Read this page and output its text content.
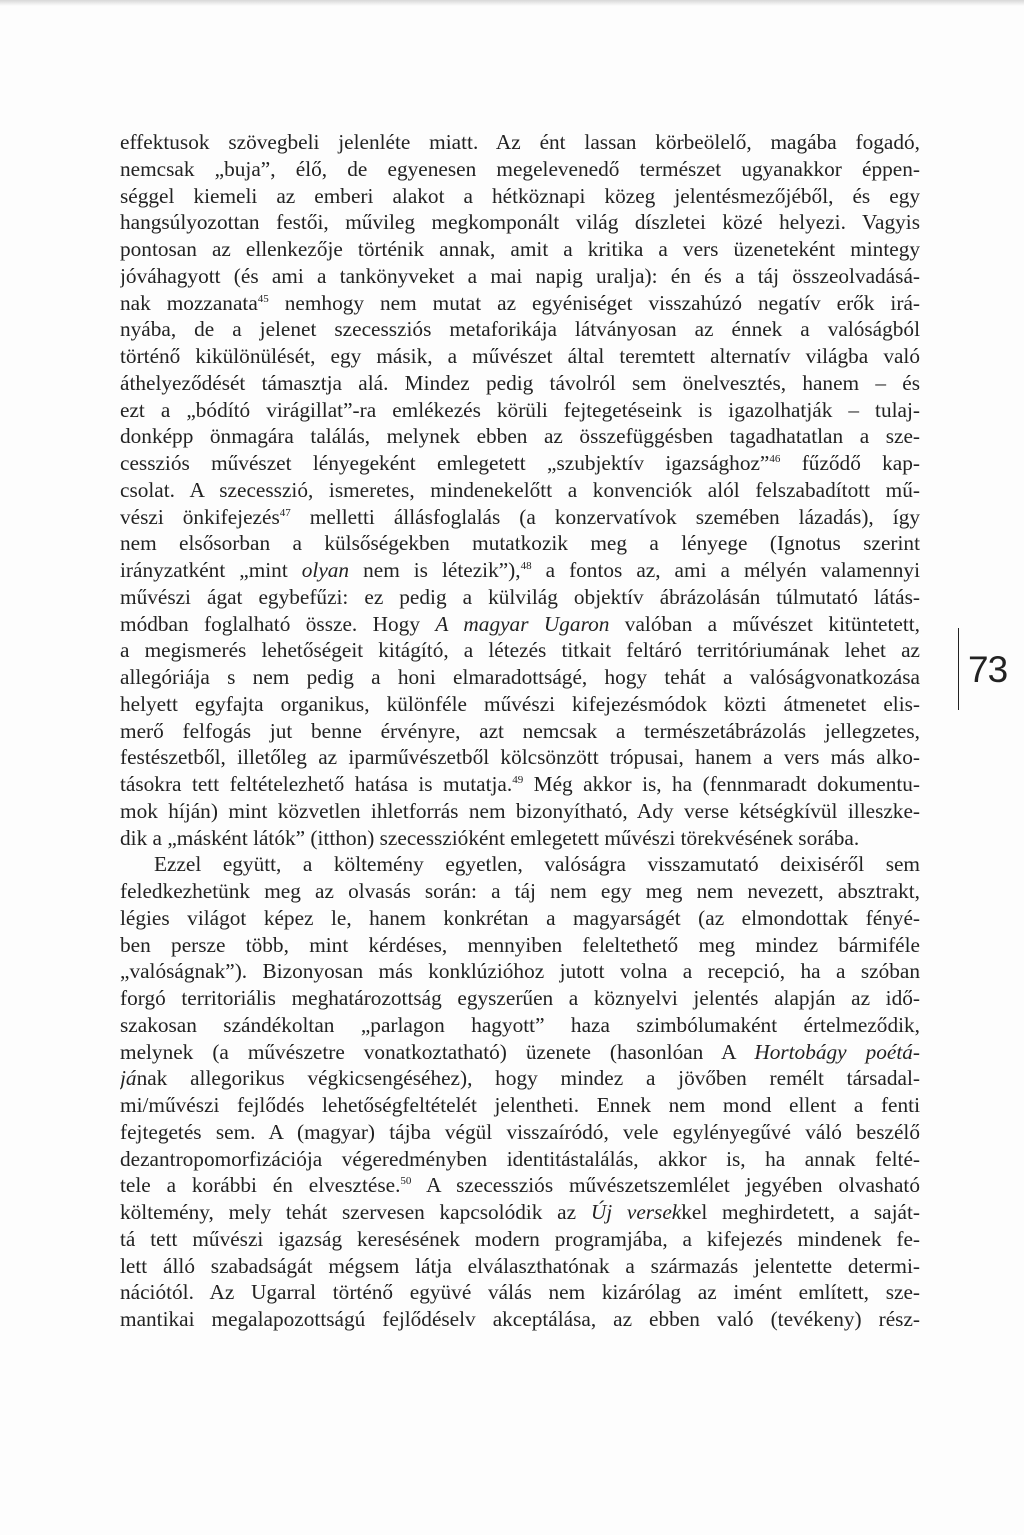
effektusok szövegbeli jelenléte miatt. Az ént lassan körbeölelő, magába fogadó,
nemcsak „buja”, élő, de egyenesen megelevenedő természet ugyanakkor éppen-
séggel kiemeli az emberi alakot a hétköznapi közeg jelentésmezőjéből, és egy
hangsúlyozottan festői, művileg megkomponált világ díszletei közé helyezi. Vagyis
pontosan az ellenkezője történik annak, amit a kritika a vers üzeneteként mintegy
jóváhagyott (és ami a tankönyveket a mai napig uralja): én és a táj összeolvadásá-
nak mozzanata$^{45}$ nemhogy nem mutat az egyéniséget visszahúzó negatív erők irá-
nyába, de a jelenet szecessziós metaforikája látványosan az énnek a valóságból
történő kikülönülését, egy másik, a művészet által teremtett alternatív világba való
áthelyeződését támasztja alá. Mindez pedig távolról sem önelvesztés, hanem – és
ezt a „bódító virágillat”-ra emlékezés körüli fejtegetéseink is igazolhatják – tulaj-
donképp önmagára találás, melynek ebben az összefüggésben tagadhatatlan a sze-
cessziós művészet lényegeként emlegetett „szubjektív igazsághoz”$^{46}$ fűződő kap-
csolat. A szecesszió, ismeretes, mindenekelőtt a konvenciók alól felszabadított mű-
vészi önkifejezés$^{47}$ melletti állásfoglalás (a konzervatívok szemében lázadás), így
nem elsősorban a külsőségekben mutatkozik meg a lényege (Ignotus szerint
irányzatként „mint olyan nem is létezik”),$^{48}$ a fontos az, ami a mélyén valamennyi
művészi ágat egybefűzi: ez pedig a külvilág objektív ábrázolásán túlmutató látás-
módban foglalható össze. Hogy A magyar Ugaron valóban a művészet kitüntetett,
a megismerés lehetőségeit kitágító, a létezés titkait feltáró territóriumának lehet az
allegóriája s nem pedig a honi elmaradottságé, hogy tehát a valóságvonatkozása
helyett egyfajta organikus, különféle művészi kifejezésmódok közti átmenetet elis-
merő felfogás jut benne érvényre, azt nemcsak a természetábrázolás jellegzetes,
festészetből, illetőleg az iparművészetből kölcsönzött trópusai, hanem a vers más alko-
tásokra tett feltételezhető hatása is mutatja.$^{49}$ Még akkor is, ha (fennmaradt dokumentu-
mok híján) mint közvetlen ihletforrás nem bizonyítható, Ady verse kétségkívül illeszke-
dik a „másként látók” (itthon) szecesszióként emlegetett művészi törekvésének sorába.

Ezzel együtt, a költemény egyetlen, valóságra visszamutató deixiséről sem
feledkezhetünk meg az olvasás során: a táj nem egy meg nem nevezett, absztrakt,
légies világot képez le, hanem konkrétan a magyarságét (az elmondottak fényé-
ben persze több, mint kérdéses, mennyiben feleltethető meg mindez bármiféle
„valóságnak”). Bizonyosan más konklúzióhoz jutott volna a recepció, ha a szóban
forgó territoriális meghatározottság egyszerűen a köznyelvi jelentés alapján az idő-
szakosan szándékoltan „parlagon hagyott” haza szimbólumaként értelmeződik,
melynek (a művészetre vonatkoztatható) üzenete (hasonlóan A Hortobágy poétá-
jának allegorikus végkicsengéséhez), hogy mindez a jövőben remélt társadal-
mi/művészi fejlődés lehetőségfeltételét jelentheti. Ennek nem mond ellent a fenti
fejtegetés sem. A (magyar) tájba végül visszaíródó, vele egylényegűvé váló beszélő
dezantropomorfizációja végeredményben identitástalálás, akkor is, ha annak felté-
tele a korábbi én elvesztése.$^{50}$ A szecessziós művészetszemlélet jegyében olvasható
költemény, mely tehát szervesen kapcsolódik az Új versekkel meghirdetett, a saját-
tá tett művészi igazság keresésének modern programjába, a kifejezés mindenek fe-
lett álló szabadságát mégsem látja elválaszthatónak a származás jelentette determi-
nációtól. Az Ugarral történő együvé válás nem kizárólag az imént említett, sze-
mantikai megalapozottságú fejlődéselv akceptálása, az ebben való (tevékeny) rész-

73
